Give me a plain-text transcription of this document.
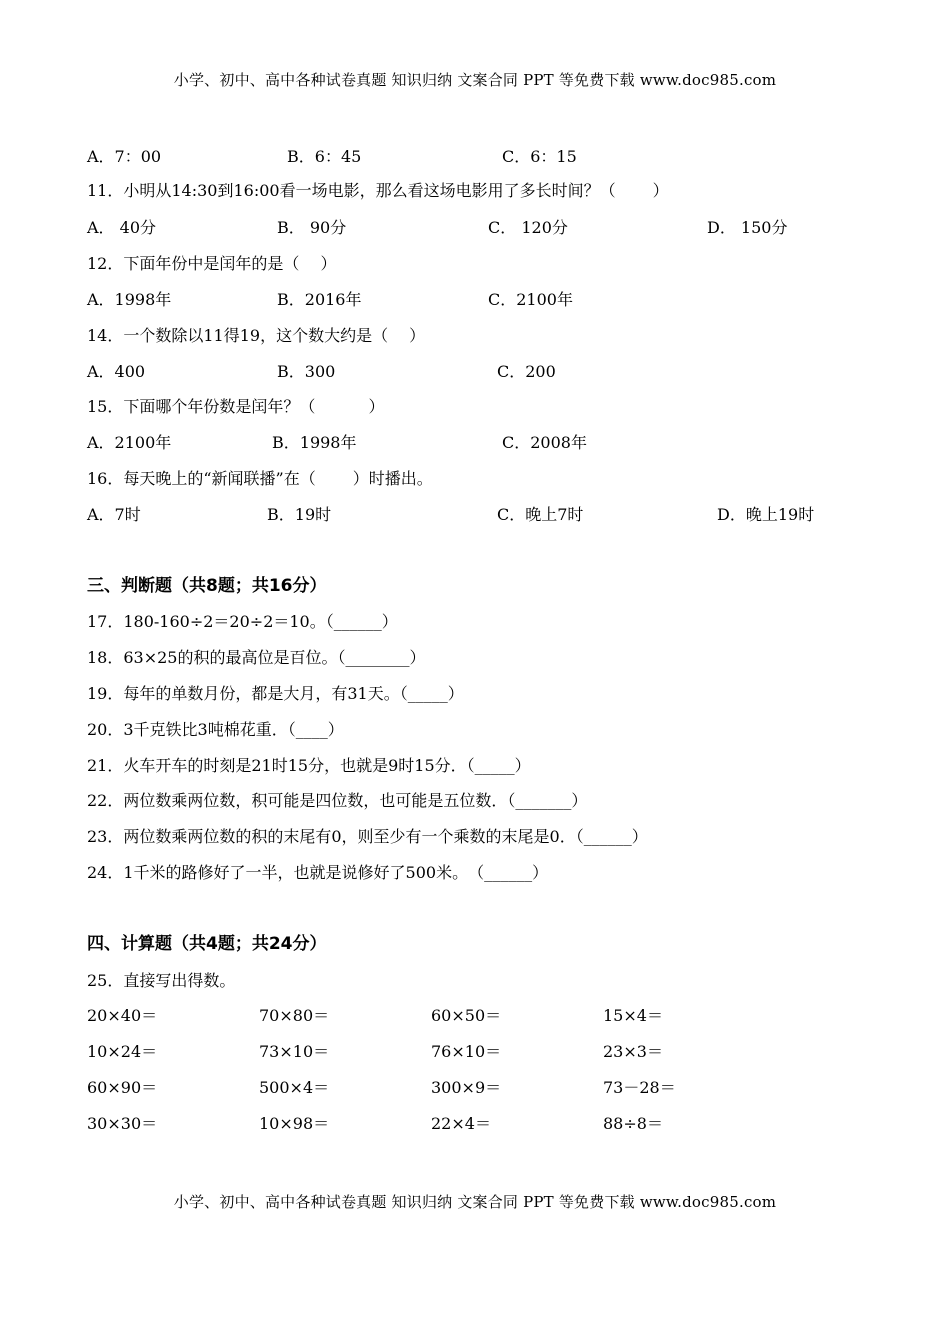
小学、初中、高中各种试卷真题 知识归纳 文案合同 PPT 等免费下载 www.doc985.com
A．7：00	B．6：45	C．6：15
11．小明从14:30到16:00看一场电影，那么看这场电影用了多长时间？（　　 ）
A． 40分	B． 90分	C． 120分	D． 150分
12．下面年份中是闰年的是（　 ）
A．1998年	B．2016年	C．2100年
14．一个数除以11得19，这个数大约是（　 ）
A．400	B．300	C．200
15．下面哪个年份数是闰年？（　　　 ）
A．2100年	B．1998年	C．2008年
16．每天晚上的“新闻联播”在（　　 ）时播出。
A．7时	B．19时	C．晚上7时	D．晚上19时
三、判断题（共8题；共16分）
17．180-160÷2＝20÷2＝10。（______）
18．63×25的积的最高位是百位。（________）
19．每年的单数月份，都是大月，有31天。（_____）
20．3千克铁比3吨棉花重．（____）
21．火车开车的时刻是21时15分，也就是9时15分．（_____）
22．两位数乘两位数，积可能是四位数，也可能是五位数．（_______）
23．两位数乘两位数的积的末尾有0，则至少有一个乘数的末尾是0．（______）
24．1千米的路修好了一半，也就是说修好了500米。　（______）
四、计算题（共4题；共24分）
25．直接写出得数。
20×40＝	70×80＝	60×50＝	15×4＝
10×24＝	73×10＝	76×10＝	23×3＝
60×90＝	500×4＝	300×9＝	73－28＝
30×30＝	10×98＝	22×4＝	88÷8＝
小学、初中、高中各种试卷真题 知识归纳 文案合同 PPT 等免费下载 www.doc985.com
